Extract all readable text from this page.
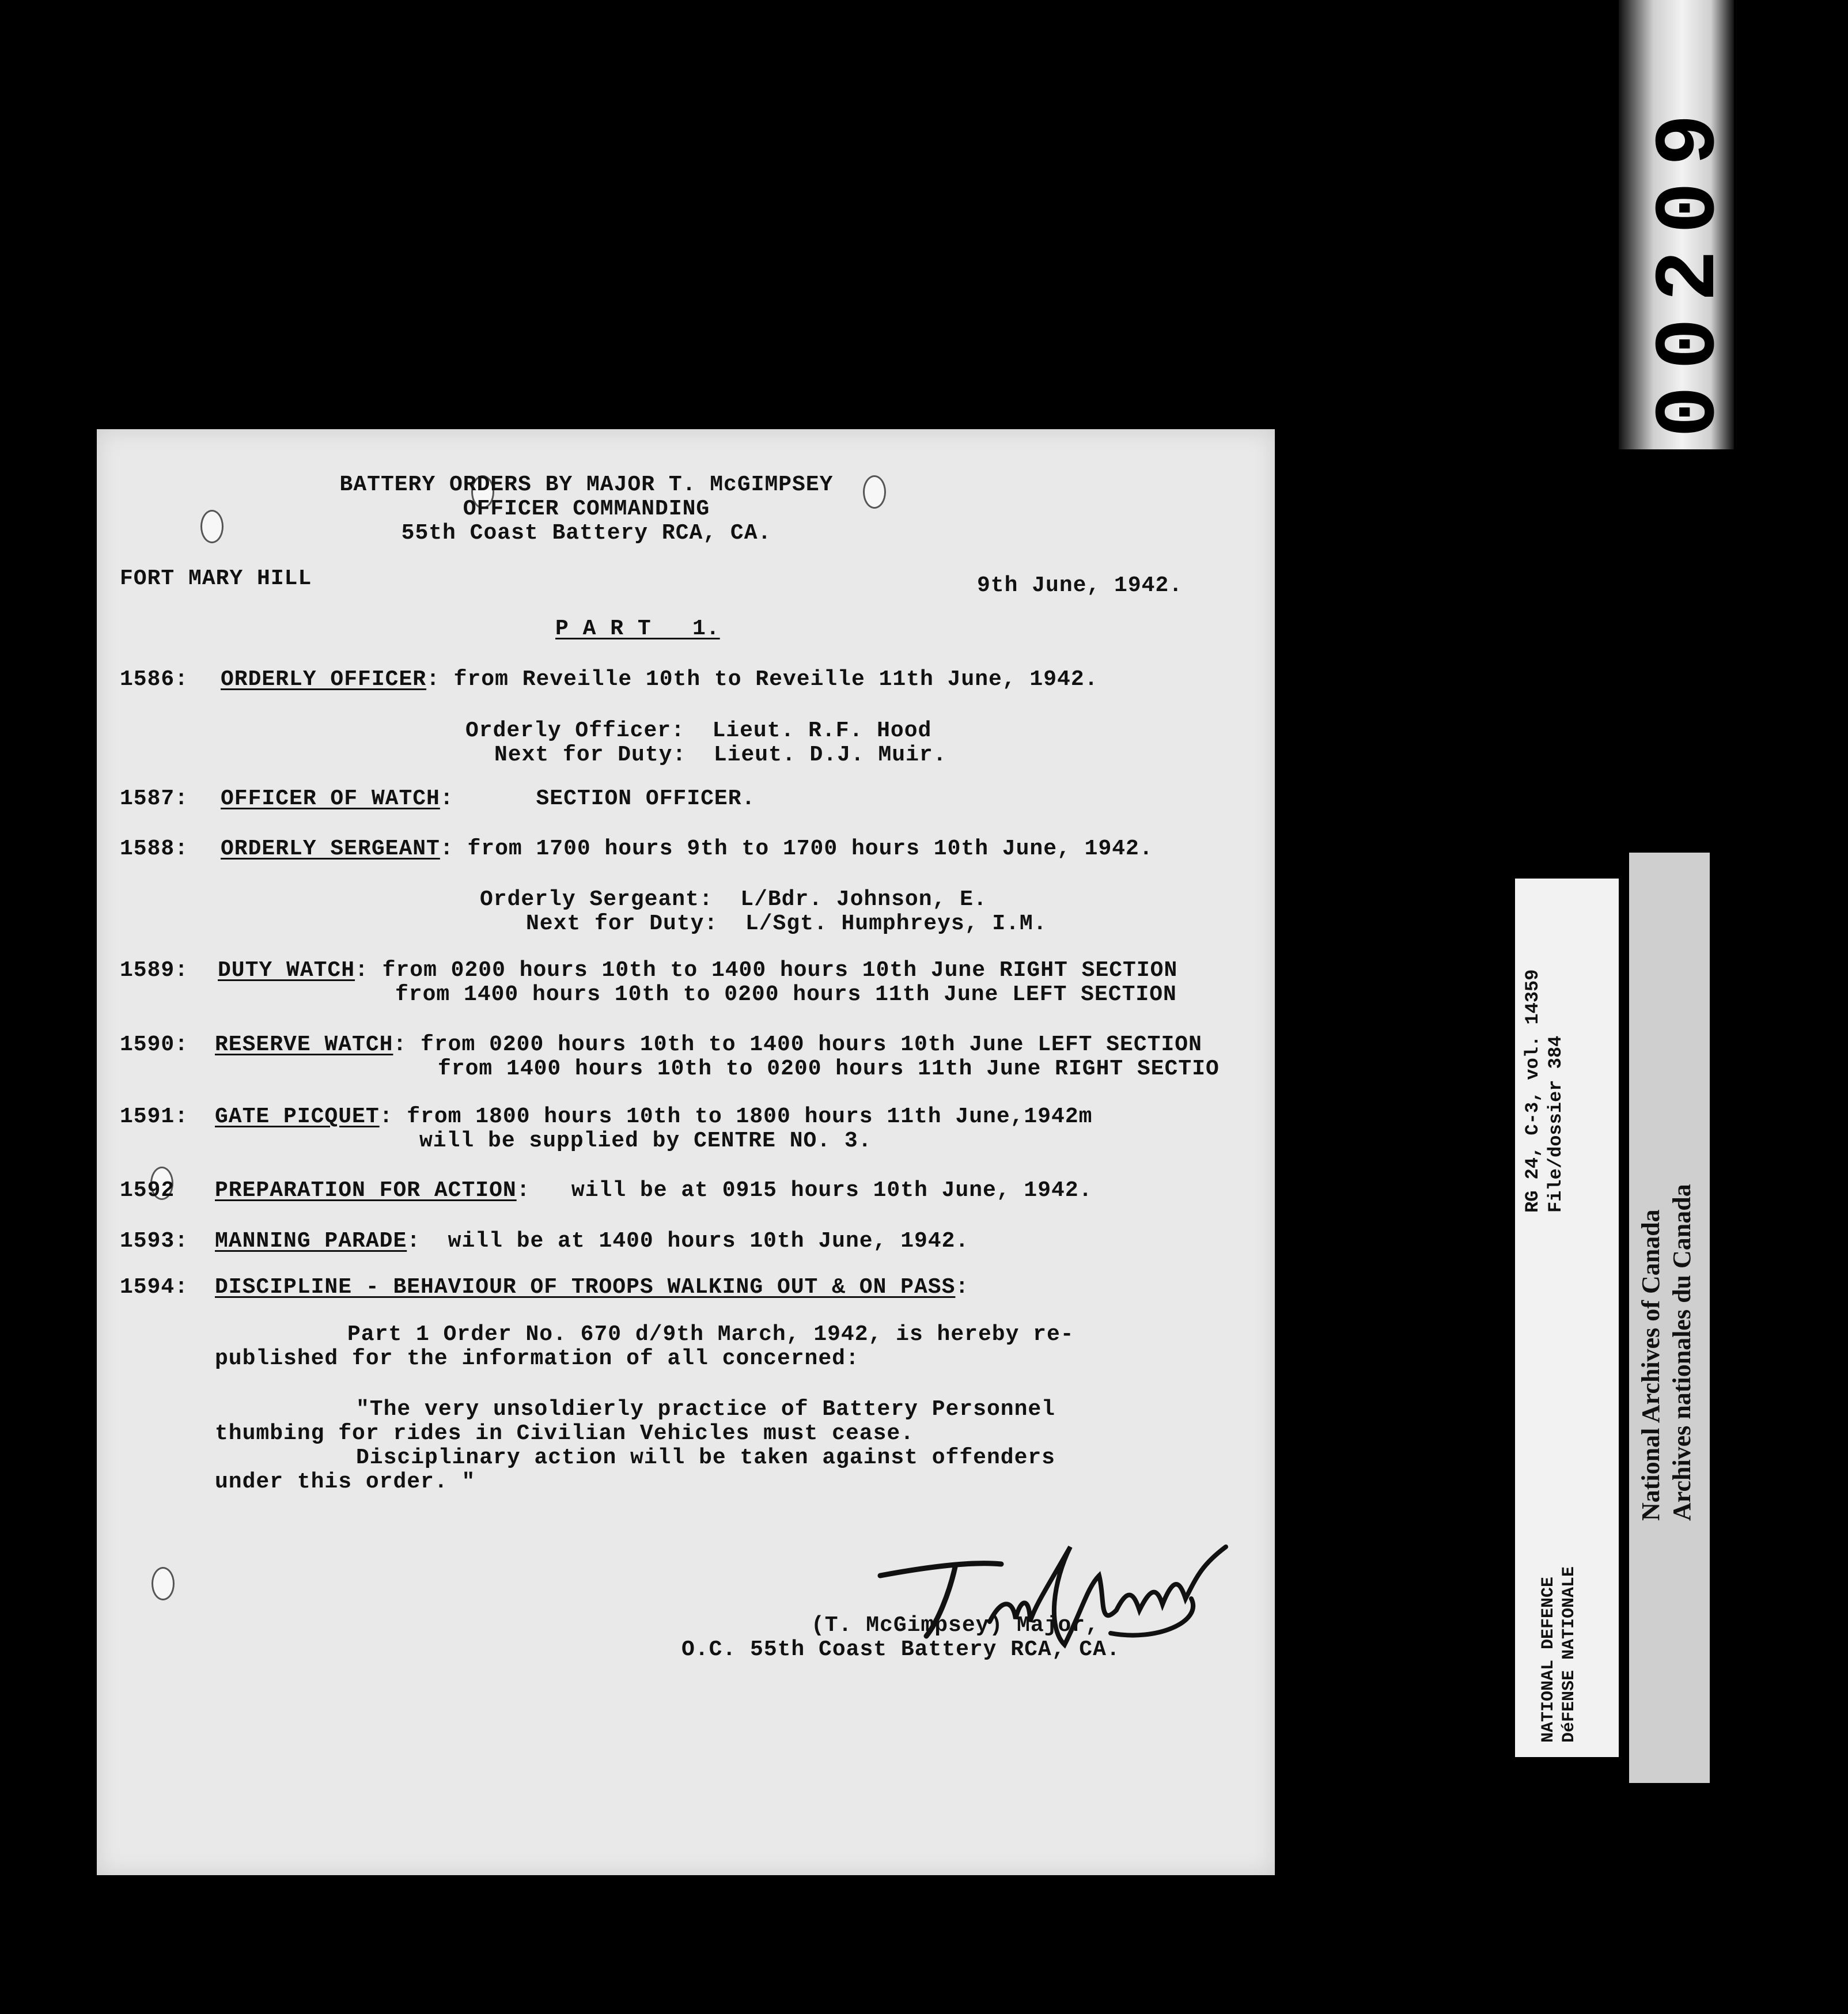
00209
BATTERY ORDERS BY MAJOR T. McGIMPSEY
OFFICER COMMANDING
55th Coast Battery RCA, CA.
FORT MARY HILL	9th June, 1942.
P A R T   1.
1586: ORDERLY OFFICER: from Reveille 10th to Reveille 11th June, 1942.
Orderly Officer:  Lieut. R.F. Hood
Next for Duty:  Lieut. D.J. Muir.
1587: OFFICER OF WATCH:      SECTION OFFICER.
1588: ORDERLY SERGEANT: from 1700 hours 9th to 1700 hours 10th June, 1942.
Orderly Sergeant:  L/Bdr. Johnson, E.
Next for Duty:  L/Sgt. Humphreys, I.M.
1589: DUTY WATCH: from 0200 hours 10th to 1400 hours 10th June RIGHT SECTION
from 1400 hours 10th to 0200 hours 11th June LEFT SECTION
1590: RESERVE WATCH: from 0200 hours 10th to 1400 hours 10th June LEFT SECTION
from 1400 hours 10th to 0200 hours 11th June RIGHT SECTIO
1591: GATE PICQUET: from 1800 hours 10th to 1800 hours 11th June,1942m
will be supplied by CENTRE NO. 3.
1592 PREPARATION FOR ACTION:   will be at 0915 hours 10th June, 1942.
1593: MANNING PARADE:  will be at 1400 hours 10th June, 1942.
1594: DISCIPLINE - BEHAVIOUR OF TROOPS WALKING OUT & ON PASS:
Part 1 Order No. 670 d/9th March, 1942, is hereby re-
published for the information of all concerned:
"The very unsoldierly practice of Battery Personnel
thumbing for rides in Civilian Vehicles must cease.
Disciplinary action will be taken against offenders
under this order. "
(T. McGimpsey) Major,
O.C. 55th Coast Battery RCA, CA.
RG 24, C-3, vol. 14359 File/dossier 384
NATIONAL DEFENCE DéFENSE NATIONALE
National Archives of Canada Archives nationales du Canada
